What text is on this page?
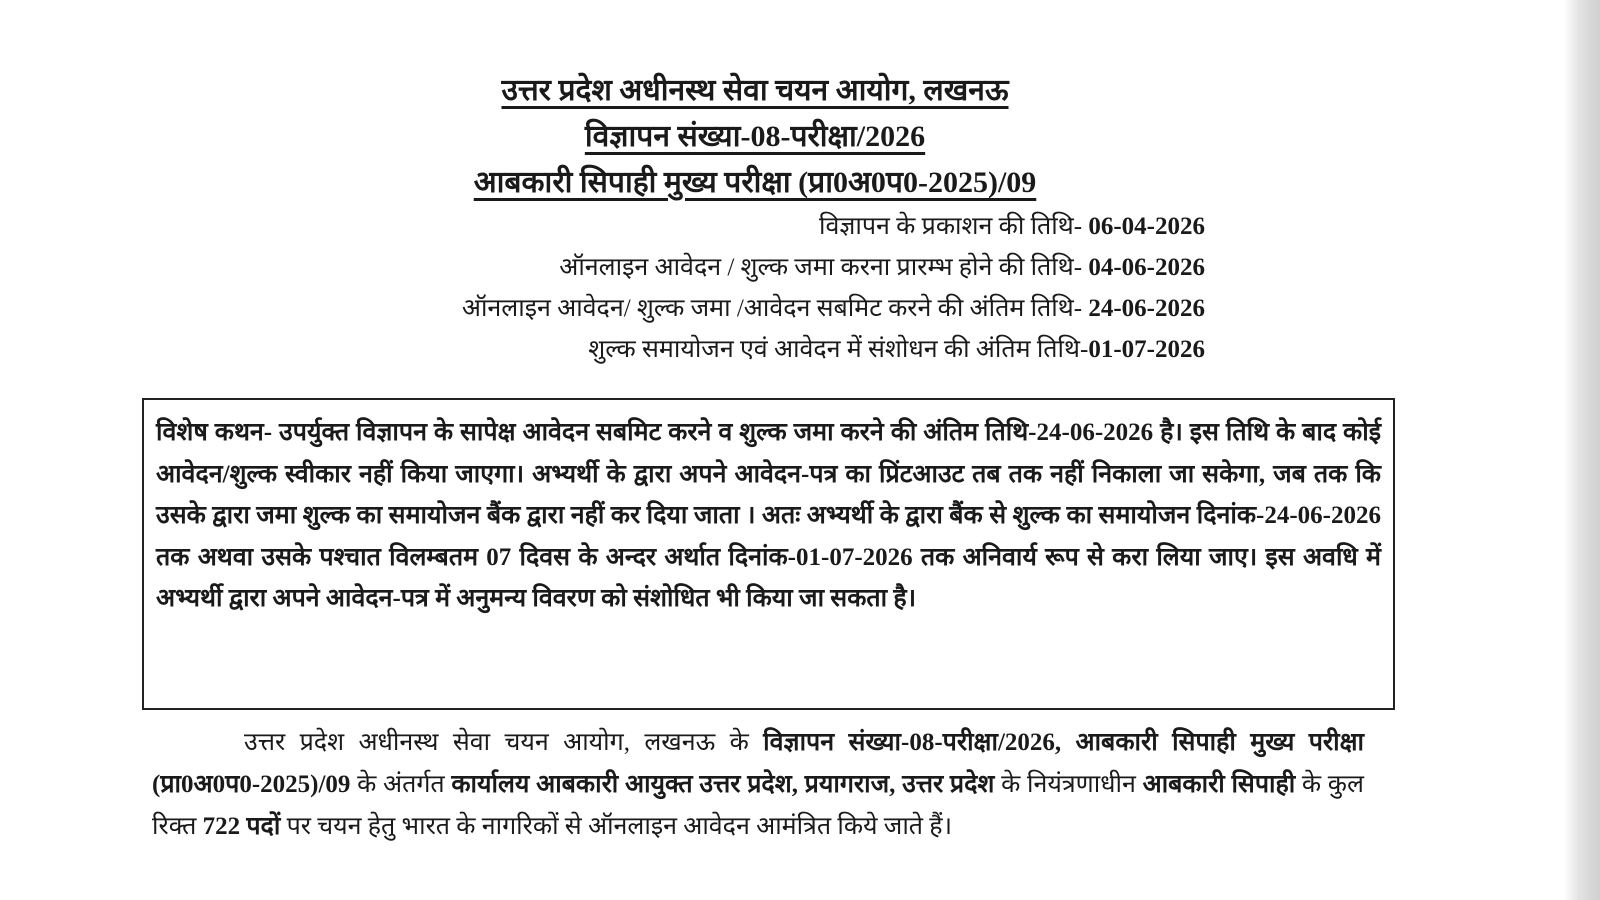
उत्तर प्रदेश अधीनस्थ सेवा चयन आयोग, लखनऊ
विज्ञापन संख्या-08-परीक्षा/2026
आबकारी सिपाही मुख्य परीक्षा (प्रा0अ0प0-2025)/09
विज्ञापन के प्रकाशन की तिथि- 06-04-2026
ऑनलाइन आवेदन / शुल्क जमा करना प्रारम्भ होने की तिथि- 04-06-2026
ऑनलाइन आवेदन/ शुल्क जमा /आवेदन सबमिट करने की अंतिम तिथि- 24-06-2026
शुल्क समायोजन एवं आवेदन में संशोधन की अंतिम तिथि-01-07-2026
विशेष कथन- उपर्युक्त विज्ञापन के सापेक्ष आवेदन सबमिट करने व शुल्क जमा करने की अंतिम तिथि-24-06-2026 है। इस तिथि के बाद कोई आवेदन/शुल्क स्वीकार नहीं किया जाएगा। अभ्यर्थी के द्वारा अपने आवेदन-पत्र का प्रिंटआउट तब तक नहीं निकाला जा सकेगा, जब तक कि उसके द्वारा जमा शुल्क का समायोजन बैंक द्वारा नहीं कर दिया जाता । अतः अभ्यर्थी के द्वारा बैंक से शुल्क का समायोजन दिनांक-24-06-2026 तक अथवा उसके पश्चात विलम्बतम 07 दिवस के अन्दर अर्थात दिनांक-01-07-2026 तक अनिवार्य रूप से करा लिया जाए। इस अवधि में अभ्यर्थी द्वारा अपने आवेदन-पत्र में अनुमन्य विवरण को संशोधित भी किया जा सकता है।
उत्तर प्रदेश अधीनस्थ सेवा चयन आयोग, लखनऊ के विज्ञापन संख्या-08-परीक्षा/2026, आबकारी सिपाही मुख्य परीक्षा (प्रा0अ0प0-2025)/09 के अंतर्गत कार्यालय आबकारी आयुक्त उत्तर प्रदेश, प्रयागराज, उत्तर प्रदेश के नियंत्रणाधीन आबकारी सिपाही के कुल रिक्त 722 पदों पर चयन हेतु भारत के नागरिकों से ऑनलाइन आवेदन आमंत्रित किये जाते हैं।
